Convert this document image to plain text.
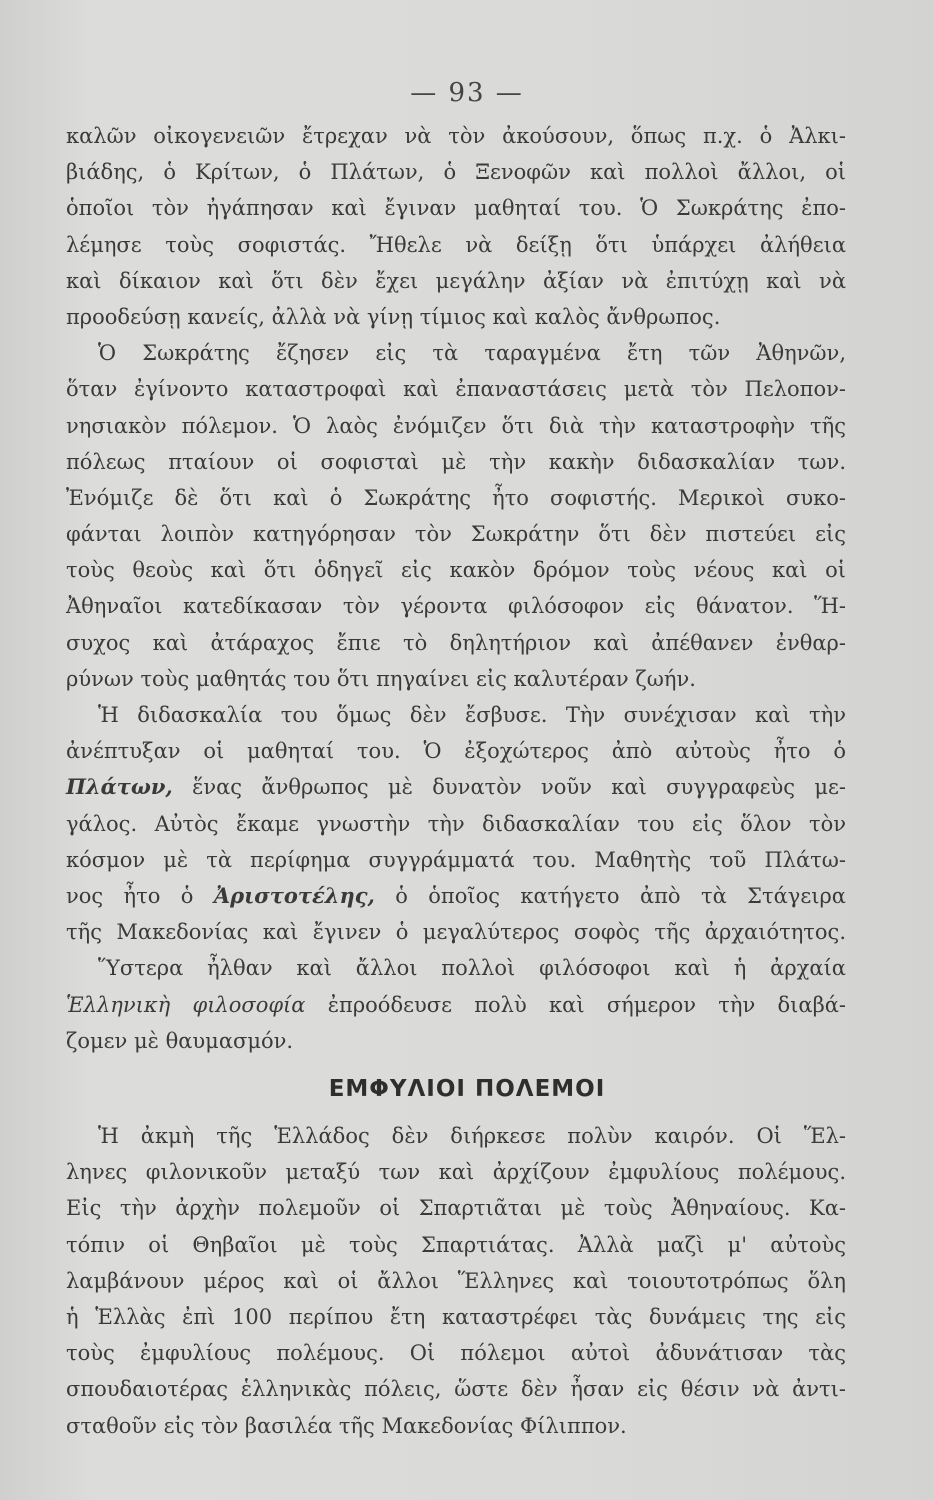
— 93 —
καλῶν οἰκογενειῶν ἔτρεχαν νὰ τὸν ἀκούσουν, ὅπως π.χ. ὁ Ἀλκι-
βιάδης, ὁ Κρίτων, ὁ Πλάτων, ὁ Ξενοφῶν καὶ πολλοὶ ἄλλοι, οἱ
ὁποῖοι τὸν ἠγάπησαν καὶ ἔγιναν μαθηταί του. Ὁ Σωκράτης ἐπο-
λέμησε τοὺς σοφιστάς. Ἤθελε νὰ δείξῃ ὅτι ὑπάρχει ἀλήθεια
καὶ δίκαιον καὶ ὅτι δὲν ἔχει μεγάλην ἀξίαν νὰ ἐπιτύχῃ καὶ νὰ
προοδεύσῃ κανείς, ἀλλὰ νὰ γίνῃ τίμιος καὶ καλὸς ἄνθρωπος.
Ὁ Σωκράτης ἔζησεν εἰς τὰ ταραγμένα ἔτη τῶν Ἀθηνῶν,
ὅταν ἐγίνοντο καταστροφαὶ καὶ ἐπαναστάσεις μετὰ τὸν Πελοπον-
νησιακὸν πόλεμον. Ὁ λαὸς ἐνόμιζεν ὅτι διὰ τὴν καταστροφὴν τῆς
πόλεως πταίουν οἱ σοφισταὶ μὲ τὴν κακὴν διδασκαλίαν των.
Ἐνόμιζε δὲ ὅτι καὶ ὁ Σωκράτης ἦτο σοφιστής. Μερικοὶ συκο-
φάνται λοιπὸν κατηγόρησαν τὸν Σωκράτην ὅτι δὲν πιστεύει εἰς
τοὺς θεοὺς καὶ ὅτι ὁδηγεῖ εἰς κακὸν δρόμον τοὺς νέους καὶ οἱ
Ἀθηναῖοι κατεδίκασαν τὸν γέροντα φιλόσοφον εἰς θάνατον. Ἥ-
συχος καὶ ἀτάραχος ἔπιε τὸ δηλητήριον καὶ ἀπέθανεν ἐνθαρ-
ρύνων τοὺς μαθητάς του ὅτι πηγαίνει εἰς καλυτέραν ζωήν.
Ἡ διδασκαλία του ὅμως δὲν ἔσβυσε. Τὴν συνέχισαν καὶ τὴν
ἀνέπτυξαν οἱ μαθηταί του. Ὁ ἐξοχώτερος ἀπὸ αὐτοὺς ἦτο ὁ
Πλάτων, ἕνας ἄνθρωπος μὲ δυνατὸν νοῦν καὶ συγγραφεὺς με-
γάλος. Αὐτὸς ἔκαμε γνωστὴν τὴν διδασκαλίαν του εἰς ὅλον τὸν
κόσμον μὲ τὰ περίφημα συγγράμματά του. Μαθητὴς τοῦ Πλάτω-
νος ἦτο ὁ Ἀριστοτέλης, ὁ ὁποῖος κατήγετο ἀπὸ τὰ Στάγειρα
τῆς Μακεδονίας καὶ ἔγινεν ὁ μεγαλύτερος σοφὸς τῆς ἀρχαιότητος.
Ὕστερα ἦλθαν καὶ ἄλλοι πολλοὶ φιλόσοφοι καὶ ἡ ἀρχαία
Ἑλληνικὴ φιλοσοφία ἐπροόδευσε πολὺ καὶ σήμερον τὴν διαβά-
ζομεν μὲ θαυμασμόν.
ΕΜΦΥΛΙΟΙ ΠΟΛΕΜΟΙ
Ἡ ἀκμὴ τῆς Ἑλλάδος δὲν διήρκεσε πολὺν καιρόν. Οἱ Ἕλ-
ληνες φιλονικοῦν μεταξύ των καὶ ἀρχίζουν ἐμφυλίους πολέμους.
Εἰς τὴν ἀρχὴν πολεμοῦν οἱ Σπαρτιᾶται μὲ τοὺς Ἀθηναίους. Κα-
τόπιν οἱ Θηβαῖοι μὲ τοὺς Σπαρτιάτας. Ἀλλὰ μαζὶ μ' αὐτοὺς
λαμβάνουν μέρος καὶ οἱ ἄλλοι Ἕλληνες καὶ τοιουτοτρόπως ὅλη
ἡ Ἑλλὰς ἐπὶ 100 περίπου ἔτη καταστρέφει τὰς δυνάμεις της εἰς
τοὺς ἐμφυλίους πολέμους. Οἱ πόλεμοι αὐτοὶ ἀδυνάτισαν τὰς
σπουδαιοτέρας ἑλληνικὰς πόλεις, ὥστε δὲν ἦσαν εἰς θέσιν νὰ ἀντι-
σταθοῦν εἰς τὸν βασιλέα τῆς Μακεδονίας Φίλιππον.
